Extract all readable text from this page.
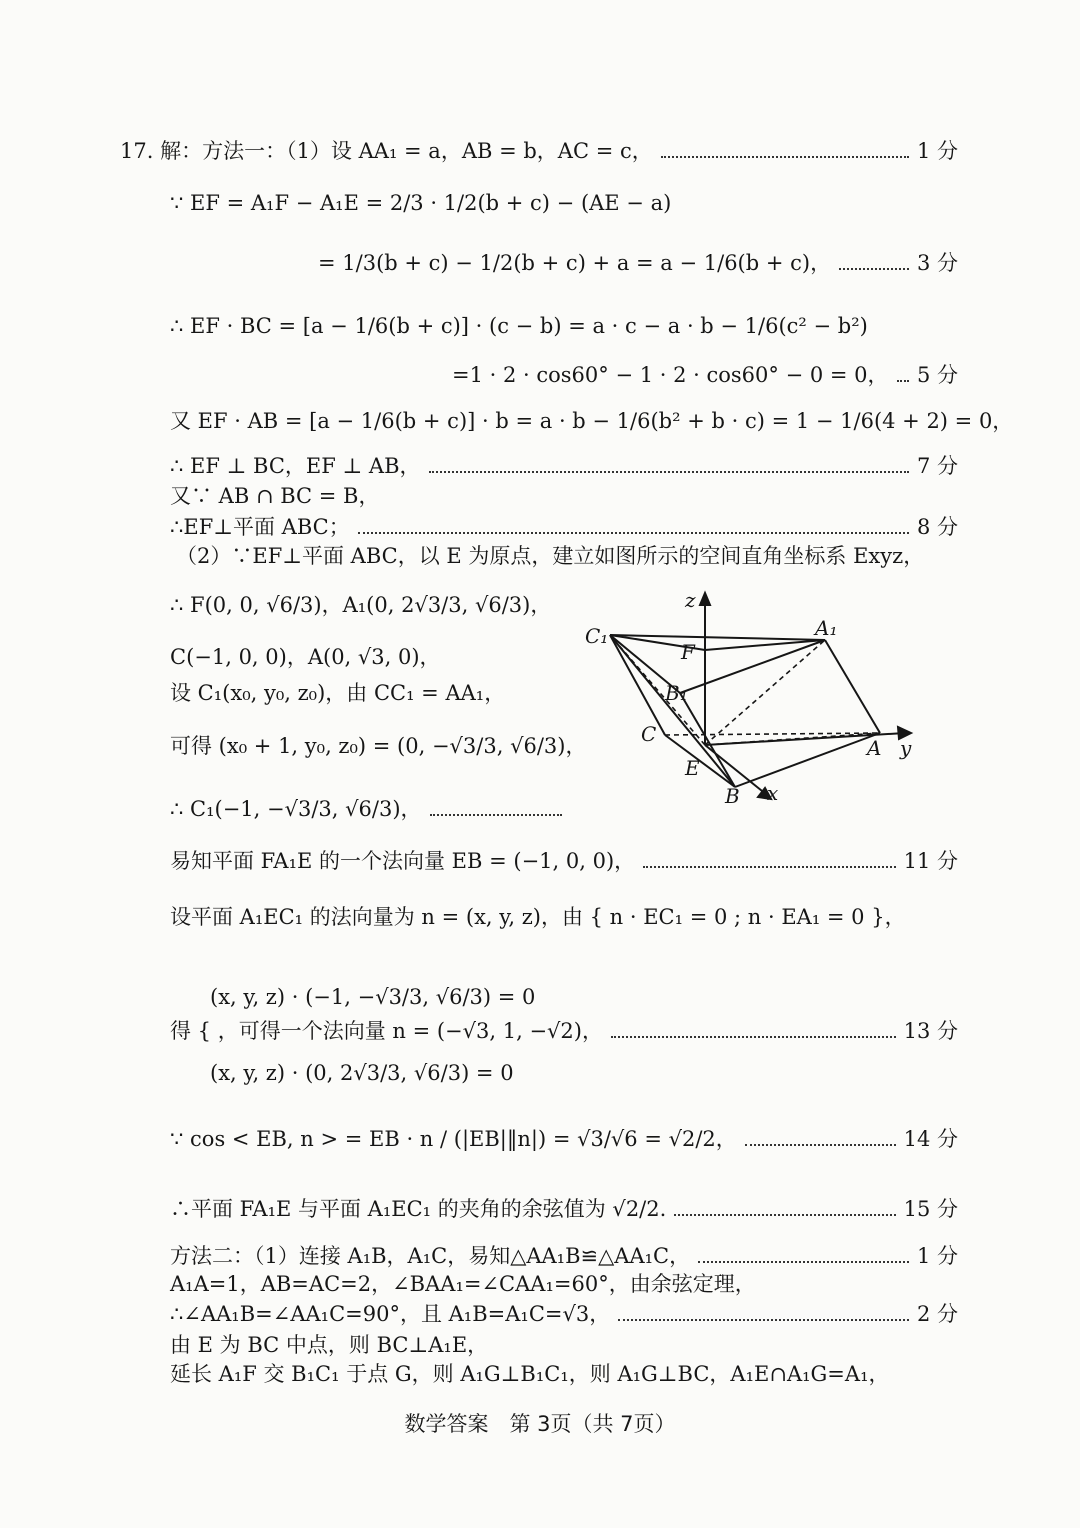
17. 解：方法一：（1）设 AA₁ = a，AB = b，AC = c，	1 分
∵ EF = A₁F − A₁E = 2/3 · 1/2(b + c) − (AE − a)
= 1/3(b + c) − 1/2(b + c) + a = a − 1/6(b + c)，	3 分
∴ EF · BC = [a − 1/6(b + c)] · (c − b) = a · c − a · b − 1/6(c² − b²)
=1 · 2 · cos60° − 1 · 2 · cos60° − 0 = 0， 5 分
又 EF · AB = [a − 1/6(b + c)] · b = a · b − 1/6(b² + b · c) = 1 − 1/6(4 + 2) = 0，
∴ EF ⊥ BC，EF ⊥ AB，	7 分
又∵ AB ∩ BC = B，
∴EF⊥平面 ABC；	8 分
（2）∵EF⊥平面 ABC，以 E 为原点，建立如图所示的空间直角坐标系 Exyz，
∴ F(0, 0, √6/3)，A₁(0, 2√3/3, √6/3)，
C(−1, 0, 0)，A(0, √3, 0)，
设 C₁(x₀, y₀, z₀)，由 CC₁ = AA₁，
可得 (x₀ + 1, y₀, z₀) = (0, −√3/3, √6/3)，
∴ C₁(−1, −√3/3, √6/3)，
易知平面 FA₁E 的一个法向量 EB = (−1, 0, 0)，	11 分
设平面 A₁EC₁ 的法向量为 n = (x, y, z)，由 { n · EC₁ = 0 ; n · EA₁ = 0 }，
(x, y, z) · (−1, −√3/3, √6/3) = 0
得 { ，可得一个法向量 n = (−√3, 1, −√2)，	13 分
(x, y, z) · (0, 2√3/3, √6/3) = 0
∵ cos < EB, n > = EB · n / (|EB|‖n|) = √3/√6 = √2/2，	14 分
∴平面 FA₁E 与平面 A₁EC₁ 的夹角的余弦值为 √2/2.	15 分
方法二：（1）连接 A₁B，A₁C，易知△AA₁B≌△AA₁C，	1 分
A₁A=1，AB=AC=2，∠BAA₁=∠CAA₁=60°，由余弦定理，
∴∠AA₁B=∠AA₁C=90°，且 A₁B=A₁C=√3，	2 分
由 E 为 BC 中点，则 BC⊥A₁E，
延长 A₁F 交 B₁C₁ 于点 G，则 A₁G⊥B₁C₁，则 A₁G⊥BC，A₁E∩A₁G=A₁，
z
y
x
A₁
C₁
B₁
F
C
E
A
B
数学答案　第 3页（共 7页）
